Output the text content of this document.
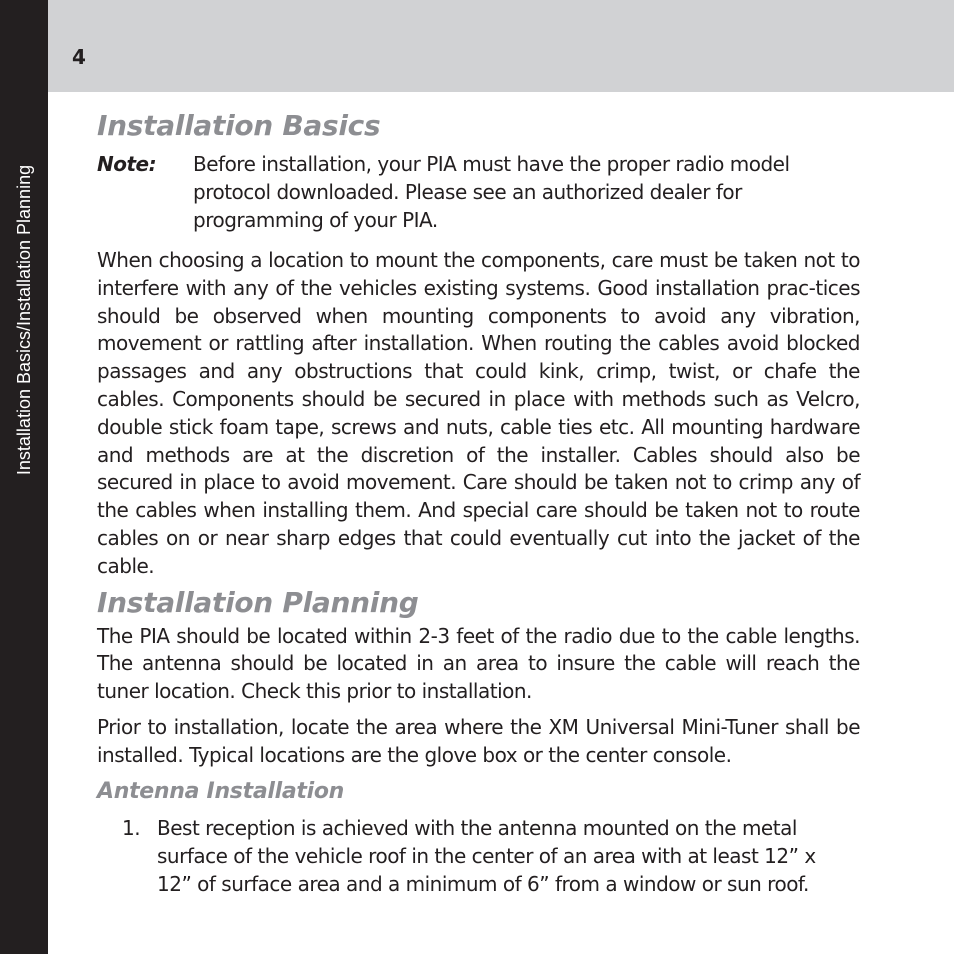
Installation Basics/Installation Planning
4
Installation Basics
Note:	Before installation, your PIA must have the proper radio model protocol downloaded. Please see an authorized dealer for programming of your PIA.

When choosing a location to mount the components, care must be taken not to interfere with any of the vehicles existing systems. Good installation prac-tices should be observed when mounting components to avoid any vibration, movement or rattling after installation. When routing the cables avoid blocked passages and any obstructions that could kink, crimp, twist, or chafe the cables. Components should be secured in place with methods such as Velcro, double stick foam tape, screws and nuts, cable ties etc. All mounting hardware and methods are at the discretion of the installer. Cables should also be secured in place to avoid movement. Care should be taken not to crimp any of the cables when installing them. And special care should be taken not to route cables on or near sharp edges that could eventually cut into the jacket of the cable.

Installation Planning

The PIA should be located within 2-3 feet of the radio due to the cable lengths. The antenna should be located in an area to insure the cable will reach the tuner location. Check this prior to installation.

Prior to installation, locate the area where the XM Universal Mini-Tuner shall be installed. Typical locations are the glove box or the center console.

Antenna Installation
1. Best reception is achieved with the antenna mounted on the metal surface of the vehicle roof in the center of an area with at least 12” x 12” of surface area and a minimum of 6” from a window or sun roof.
